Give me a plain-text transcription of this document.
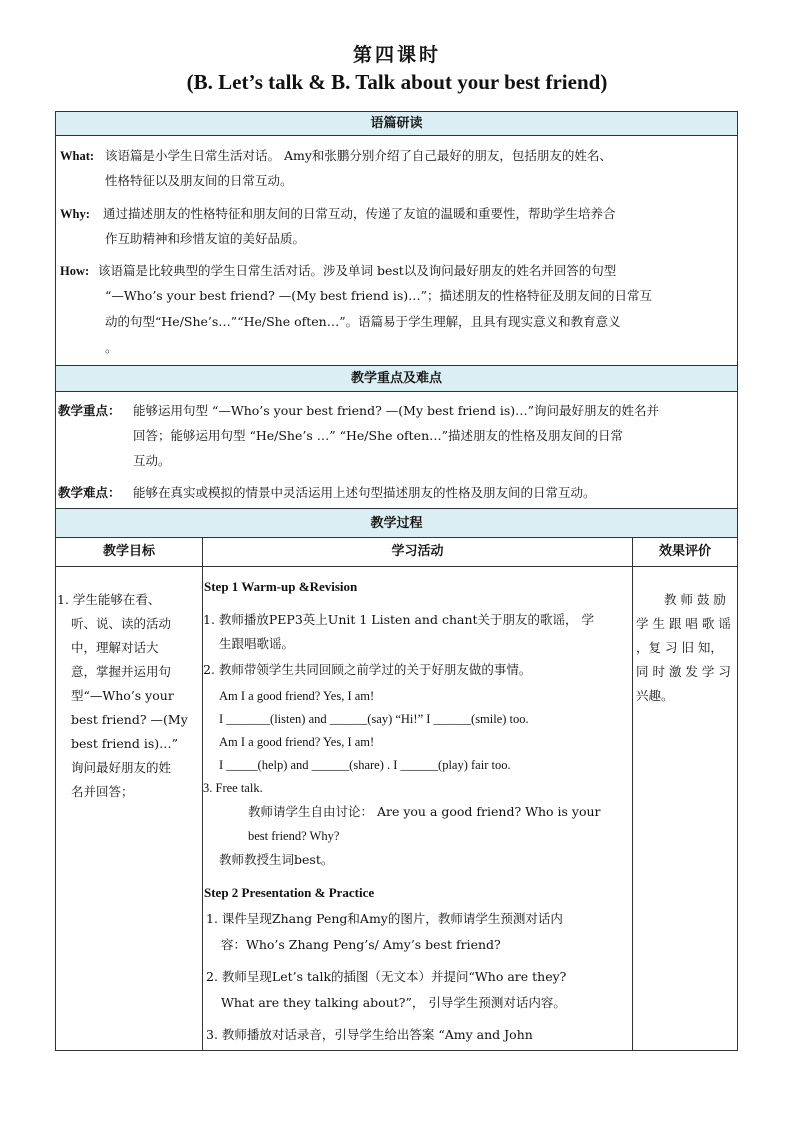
第四课时
(B. Let’s talk & B. Talk about your best friend)
语篇研读
What: 该语篇是小学生日常生活对话。 Amy和张鹏分别介绍了自己最好的朋友，包括朋友的姓名、
性格特征以及朋友间的日常互动。
Why: 通过描述朋友的性格特征和朋友间的日常互动，传递了友谊的温暖和重要性，帮助学生培养合
作互助精神和珍惜友谊的美好品质。
How: 该语篇是比较典型的学生日常生活对话。涉及单词 best以及询问最好朋友的姓名并回答的句型
“—Who’s your best friend? —(My best friend is)…”；描述朋友的性格特征及朋友间的日常互
动的句型“He/She’s…”“He/She often…”。语篇易于学生理解，且具有现实意义和教育意义
。
教学重点及难点
教学重点： 能够运用句型 “—Who’s your best friend? —(My best friend is)…”询问最好朋友的姓名并
回答；能够运用句型 “He/She’s …” “He/She often…”描述朋友的性格及朋友间的日常
互动。
教学难点： 能够在真实或模拟的情景中灵活运用上述句型描述朋友的性格及朋友间的日常互动。
教学过程
教学目标	学习活动	效果评价
1. 学生能够在看、
听、说、读的活动
中，理解对话大
意，掌握并运用句
型“—Who’s your
best friend? —(My
best friend is)…”
询问最好朋友的姓
名并回答；
教 师 鼓 励
学 生 跟 唱 歌 谣
，复 习 旧 知，
同 时 激 发 学 习
兴趣。
Step 1 Warm-up &Revision
1. 教师播放PEP3英上Unit 1 Listen and chant关于朋友的歌谣， 学
生跟唱歌谣。
2. 教师带领学生共同回顾之前学过的关于好朋友做的事情。
Am I a good friend? Yes, I am!
I _______(listen) and ______(say) “Hi!” I ______(smile) too.
Am I a good friend? Yes, I am!
I _____(help) and ______(share) . I ______(play) fair too.
3. Free talk.
教师请学生自由讨论： Are you a good friend? Who is your
best friend? Why?
教师教授生词best。
Step 2 Presentation & Practice
1. 课件呈现Zhang Peng和Amy的图片，教师请学生预测对话内
容：Who’s Zhang Peng’s/ Amy’s best friend?
2. 教师呈现Let’s talk的插图（无文本）并提问“Who are they?
What are they talking about?”， 引导学生预测对话内容。
3. 教师播放对话录音，引导学生给出答案 “Amy and John
